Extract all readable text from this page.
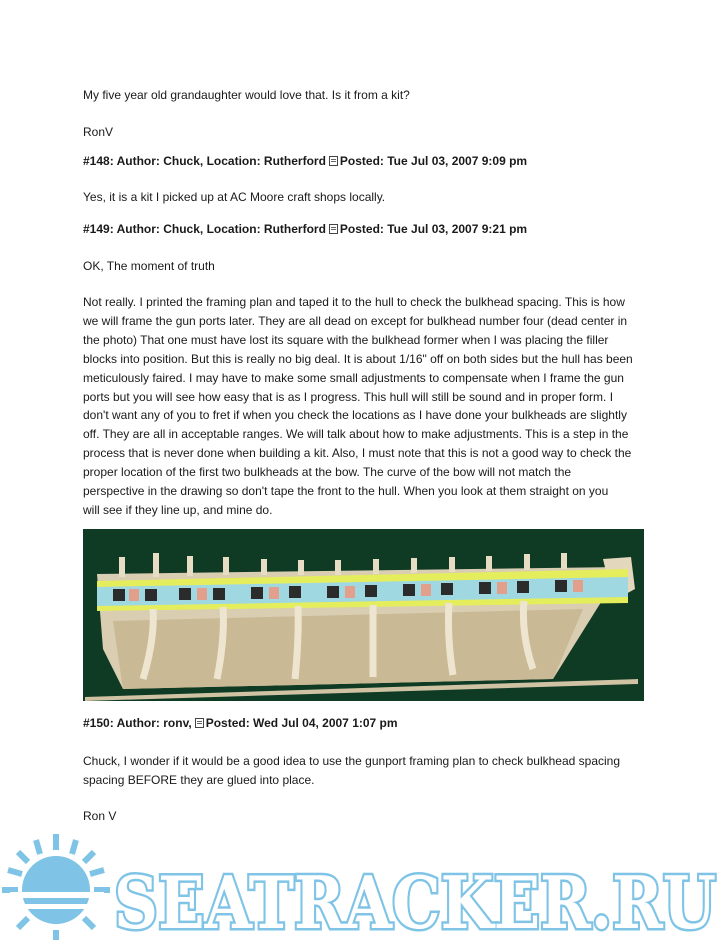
My five year old grandaughter would love that. Is it from a kit?
RonV
#148: Author: Chuck, Location: Rutherford Posted: Tue Jul 03, 2007 9:09 pm
Yes, it is a kit I picked up at AC Moore craft shops locally.
#149: Author: Chuck, Location: Rutherford Posted: Tue Jul 03, 2007 9:21 pm
OK, The moment of truth
Not really. I printed the framing plan and taped it to the hull to check the bulkhead spacing. This is how
we will frame the gun ports later. They are all dead on except for bulkhead number four (dead center in
the photo) That one must have lost its square with the bulkhead former when I was placing the filler
blocks into position. But this is really no big deal. It is about 1/16" off on both sides but the hull has been
meticulously faired. I may have to make some small adjustments to compensate when I frame the gun
ports but you will see how easy that is as I progress. This hull will still be sound and in proper form. I
don't want any of you to fret if when you check the locations as I have done your bulkheads are slightly
off. They are all in acceptable ranges. We will talk about how to make adjustments. This is a step in the
process that is never done when building a kit. Also, I must note that this is not a good way to check the
proper location of the first two bulkheads at the bow. The curve of the bow will not match the
perspective in the drawing so don't tape the front to the hull. When you look at them straight on you
will see if they line up, and mine do.
#150: Author: ronv, Posted: Wed Jul 04, 2007 1:07 pm
Chuck, I wonder if it would be a good idea to use the gunport framing plan to check bulkhead spacing
spacing BEFORE they are glued into place.
Ron V
SEATRACKER.RU
